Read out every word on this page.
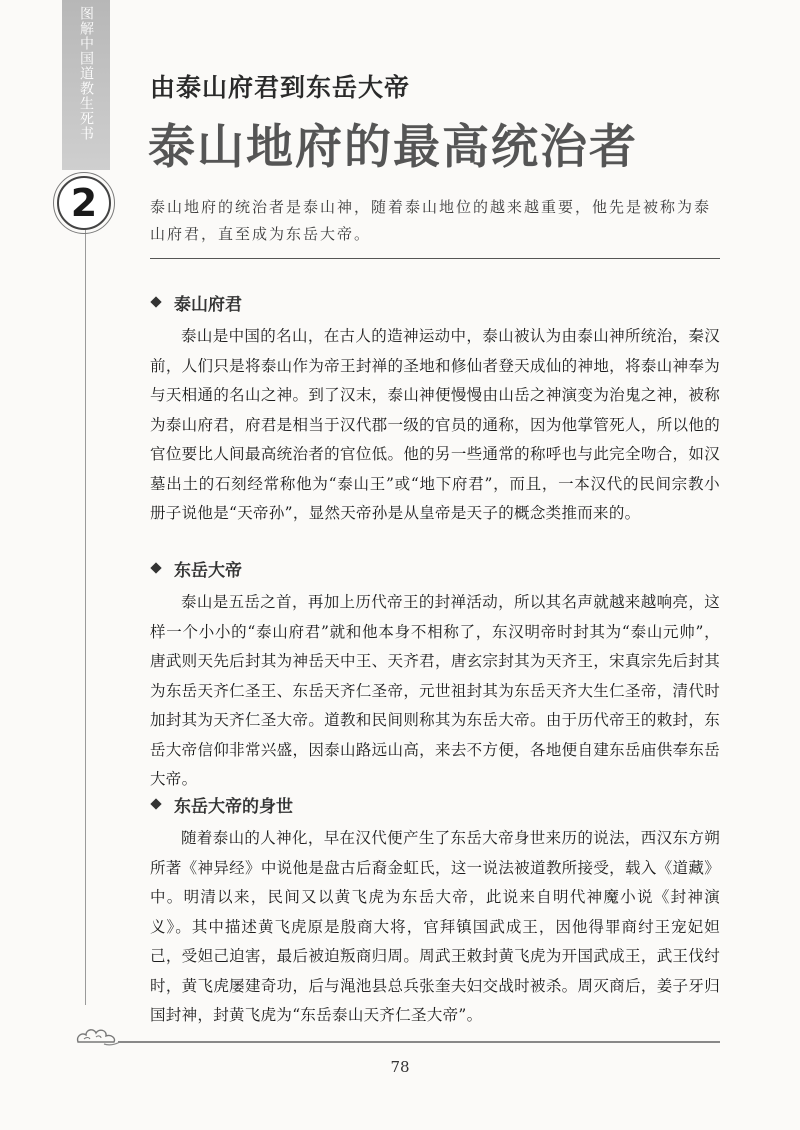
图解中国道教生死书
2
由泰山府君到东岳大帝
泰山地府的最高统治者
泰山地府的统治者是泰山神，随着泰山地位的越来越重要，他先是被称为泰山府君，直至成为东岳大帝。
泰山府君
泰山是中国的名山，在古人的造神运动中，泰山被认为由泰山神所统治，秦汉前，人们只是将泰山作为帝王封禅的圣地和修仙者登天成仙的神地，将泰山神奉为与天相通的名山之神。到了汉末，泰山神便慢慢由山岳之神演变为治鬼之神，被称为泰山府君，府君是相当于汉代郡一级的官员的通称，因为他掌管死人，所以他的官位要比人间最高统治者的官位低。他的另一些通常的称呼也与此完全吻合，如汉墓出土的石刻经常称他为“泰山王”或“地下府君”，而且，一本汉代的民间宗教小册子说他是“天帝孙”，显然天帝孙是从皇帝是天子的概念类推而来的。
东岳大帝
泰山是五岳之首，再加上历代帝王的封禅活动，所以其名声就越来越响亮，这样一个小小的“泰山府君”就和他本身不相称了，东汉明帝时封其为“泰山元帅”，唐武则天先后封其为神岳天中王、天齐君，唐玄宗封其为天齐王，宋真宗先后封其为东岳天齐仁圣王、东岳天齐仁圣帝，元世祖封其为东岳天齐大生仁圣帝，清代时加封其为天齐仁圣大帝。道教和民间则称其为东岳大帝。由于历代帝王的敕封，东岳大帝信仰非常兴盛，因泰山路远山高，来去不方便，各地便自建东岳庙供奉东岳大帝。
东岳大帝的身世
随着泰山的人神化，早在汉代便产生了东岳大帝身世来历的说法，西汉东方朔所著《神异经》中说他是盘古后裔金虹氏，这一说法被道教所接受，载入《道藏》中。明清以来，民间又以黄飞虎为东岳大帝，此说来自明代神魔小说《封神演义》。其中描述黄飞虎原是殷商大将，官拜镇国武成王，因他得罪商纣王宠妃妲己，受妲己迫害，最后被迫叛商归周。周武王敕封黄飞虎为开国武成王，武王伐纣时，黄飞虎屡建奇功，后与渑池县总兵张奎夫妇交战时被杀。周灭商后，姜子牙归国封神，封黄飞虎为“东岳泰山天齐仁圣大帝”。
78
